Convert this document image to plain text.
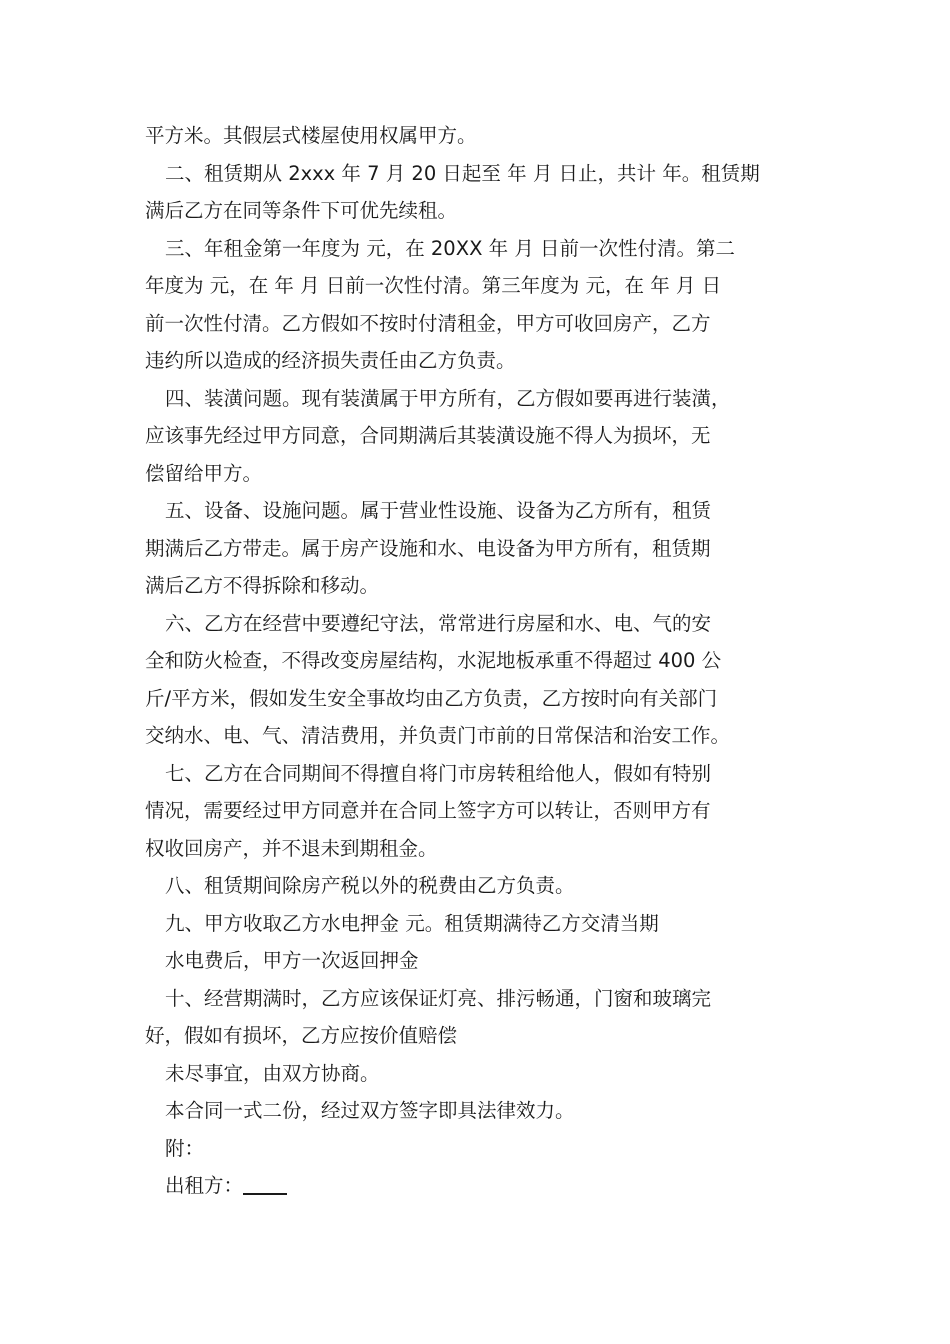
平方米。其假层式楼屋使用权属甲方。

二、租赁期从 2xxx 年 7 月 20 日起至 年 月 日止，共计 年。租赁期

满后乙方在同等条件下可优先续租。

三、年租金第一年度为 元，在 20XX 年 月 日前一次性付清。第二

年度为 元，在 年 月 日前一次性付清。第三年度为 元，在 年 月 日

前一次性付清。乙方假如不按时付清租金，甲方可收回房产，乙方

违约所以造成的经济损失责任由乙方负责。

四、装潢问题。现有装潢属于甲方所有，乙方假如要再进行装潢，

应该事先经过甲方同意，合同期满后其装潢设施不得人为损坏，无

偿留给甲方。

五、设备、设施问题。属于营业性设施、设备为乙方所有，租赁

期满后乙方带走。属于房产设施和水、电设备为甲方所有，租赁期

满后乙方不得拆除和移动。

六、乙方在经营中要遵纪守法，常常进行房屋和水、电、气的安

全和防火检查，不得改变房屋结构，水泥地板承重不得超过 400 公

斤/平方米，假如发生安全事故均由乙方负责，乙方按时向有关部门

交纳水、电、气、清洁费用，并负责门市前的日常保洁和治安工作。

七、乙方在合同期间不得擅自将门市房转租给他人，假如有特别

情况，需要经过甲方同意并在合同上签字方可以转让，否则甲方有

权收回房产，并不退未到期租金。

八、租赁期间除房产税以外的税费由乙方负责。

九、甲方收取乙方水电押金 元。租赁期满待乙方交清当期

水电费后，甲方一次返回押金

十、经营期满时，乙方应该保证灯亮、排污畅通，门窗和玻璃完

好，假如有损坏，乙方应按价值赔偿

未尽事宜，由双方协商。

本合同一式二份，经过双方签字即具法律效力。

附：

出租方：
